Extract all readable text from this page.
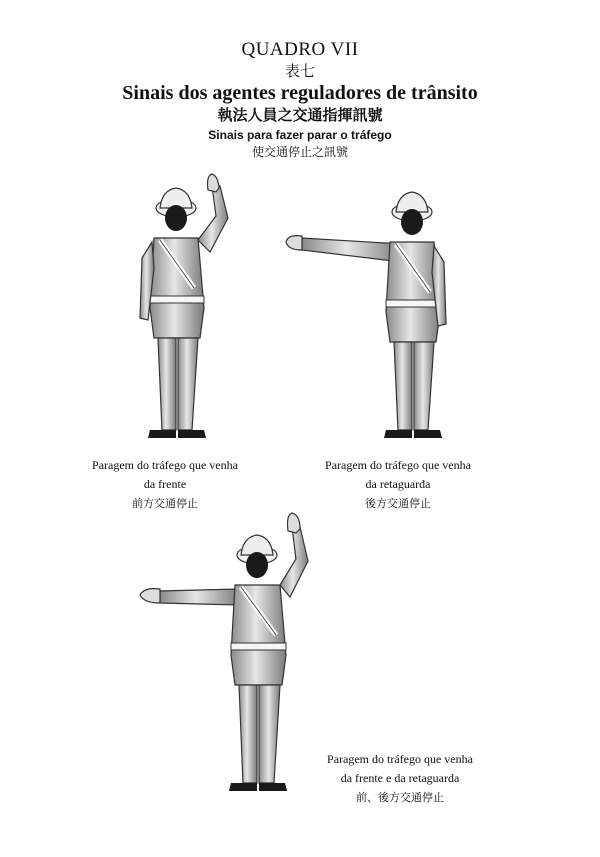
QUADRO VII
表七
Sinais dos agentes reguladores de trânsito
執法人員之交通指揮訊號
Sinais para fazer parar o tráfego
使交通停止之訊號
Paragem do tráfego que venha
da frente
前方交通停止
Paragem do tráfego que venha
da retaguarda
後方交通停止
Paragem do tráfego que venha
da frente e da retaguarda
前、後方交通停止
